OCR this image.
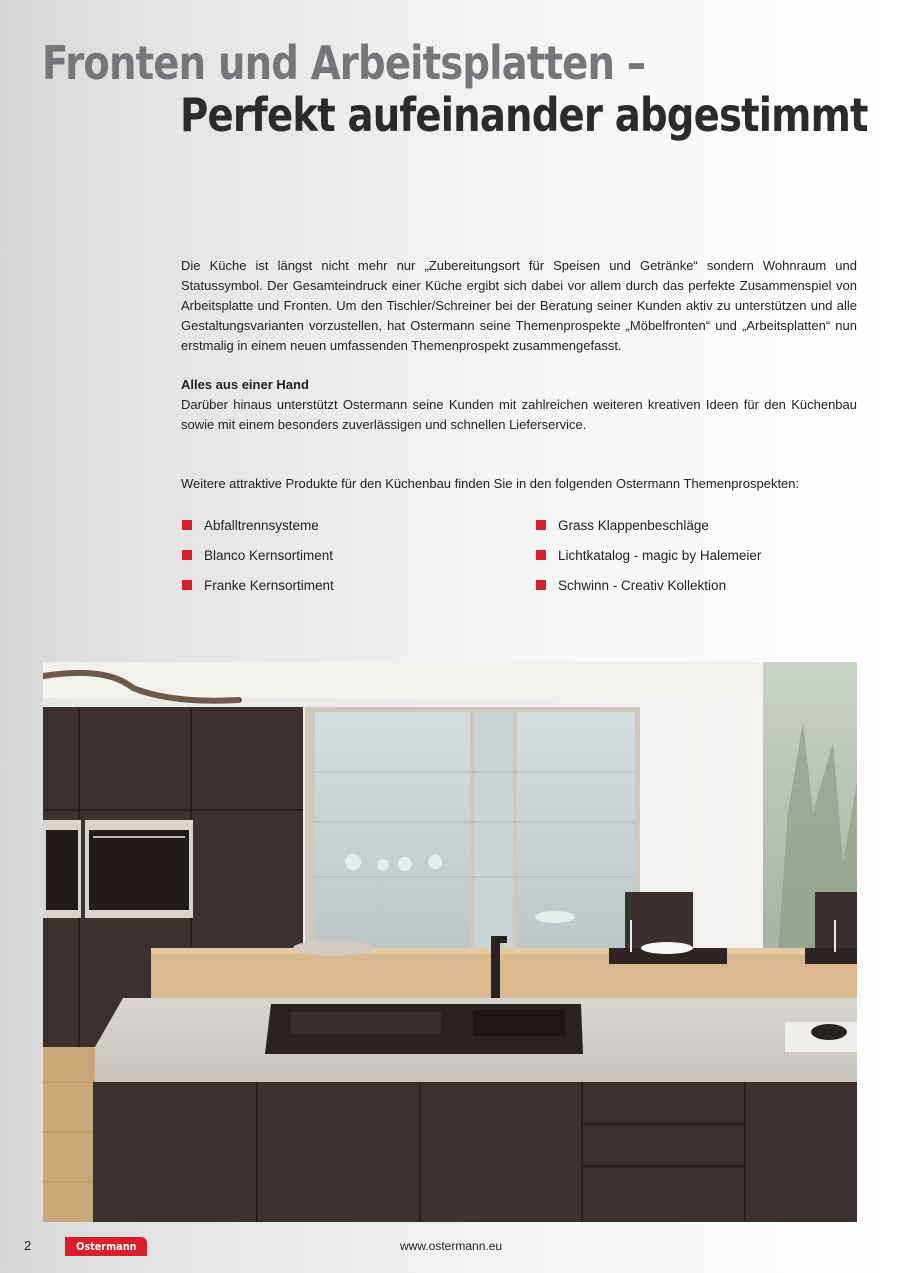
Fronten und Arbeitsplatten –
Perfekt aufeinander abgestimmt

Die Küche ist längst nicht mehr nur „Zubereitungsort für Speisen und Getränke“ sondern Wohnraum und Statussymbol. Der Gesamteindruck einer Küche ergibt sich dabei vor allem durch das perfekte Zusammenspiel von Arbeitsplatte und Fronten. Um den Tischler/Schreiner bei der Beratung seiner Kunden aktiv zu unterstützen und alle Gestaltungsvarianten vorzustellen, hat Ostermann seine Themenprospekte „Möbelfronten“ und „Arbeitsplatten“ nun erstmalig in einem neuen umfassenden Themenprospekt zusammengefasst.

Alles aus einer Hand

Darüber hinaus unterstützt Ostermann seine Kunden mit zahlreichen weiteren kreativen Ideen für den Küchenbau sowie mit einem besonders zuverlässigen und schnellen Lieferservice.

Weitere attraktive Produkte für den Küchenbau finden Sie in den folgenden Ostermann Themenprospekten:

Abfalltrennsysteme
Blanco Kernsortiment
Franke Kernsortiment
Grass Klappenbeschläge
Lichtkatalog - magic by Halemeier
Schwinn - Creativ Kollektion
2	Ostermann	www.ostermann.eu
